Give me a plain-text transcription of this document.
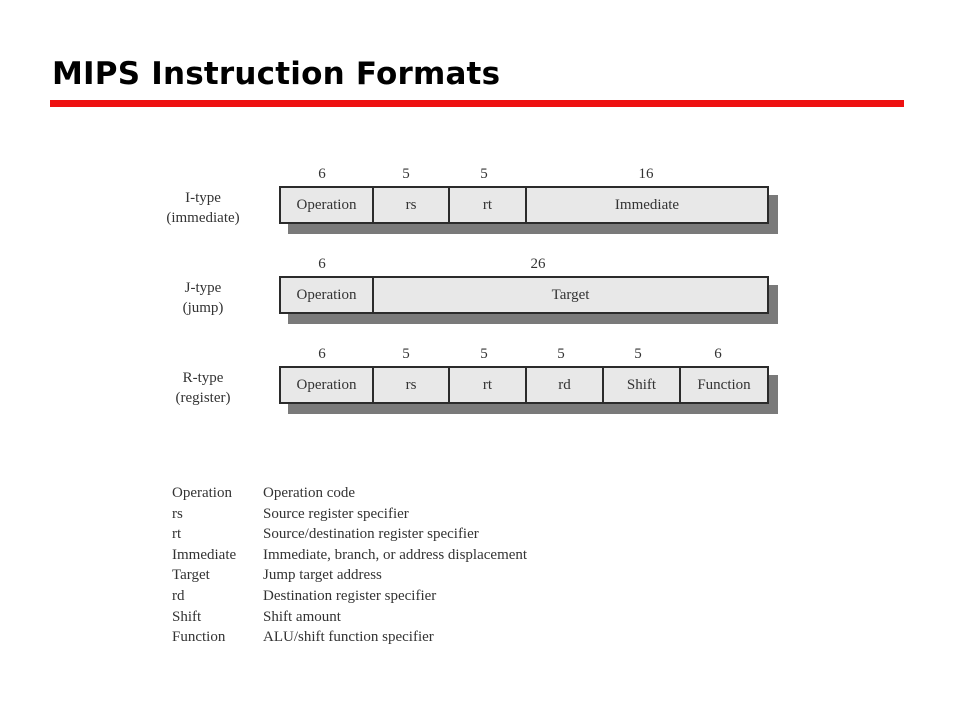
MIPS Instruction Formats
I-type
(immediate)
6	5	5	16
Operation	rs	rt	Immediate
J-type
(jump)
6	26
Operation	Target
R-type
(register)
6	5	5	5	5	6
Operation	rs	rt	rd	Shift	Function
Operation	Operation code
rs	Source register specifier
rt	Source/destination register specifier
Immediate	Immediate, branch, or address displacement
Target	Jump target address
rd	Destination register specifier
Shift	Shift amount
Function	ALU/shift function specifier
